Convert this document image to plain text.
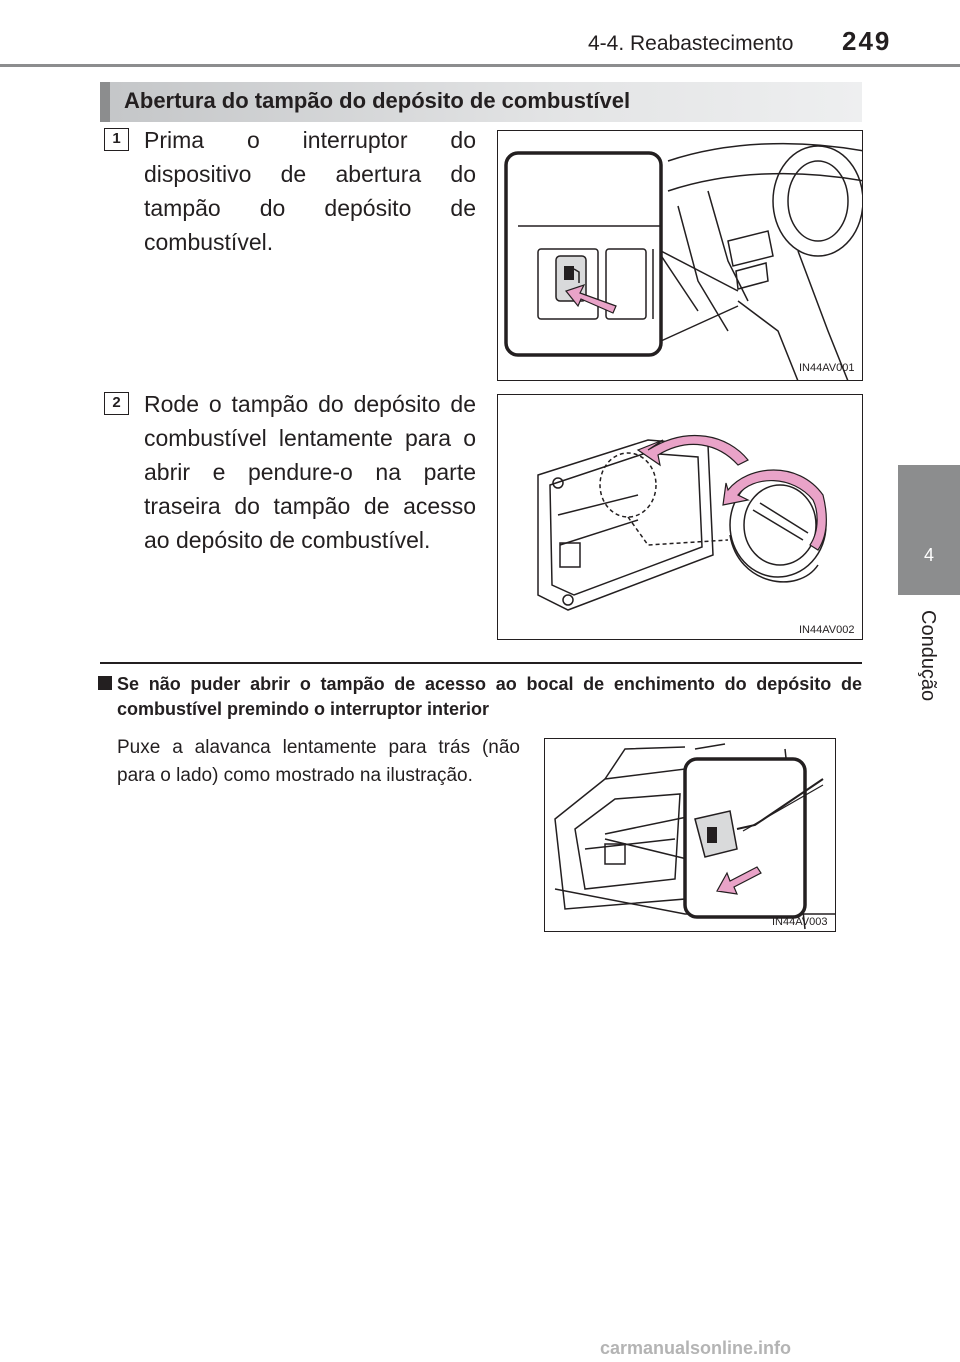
4-4. Reabastecimento 249
4
Condução
Abertura do tampão do depósito de combustível
1	Prima o interruptor do dispositivo de abertura do tampão do depósito de combustível.
IN44AV001
2	Rode o tampão do depósito de combustível lentamente para o abrir e pendure-o na parte traseira do tampão de acesso ao depósito de combustível.
IN44AV002
Se não puder abrir o tampão de acesso ao bocal de enchimento do depósito de combustível premindo o interruptor interior
Puxe a alavanca lentamente para trás (não para o lado) como mostrado na ilustração.
IN44AV003
carmanualsonline.info
